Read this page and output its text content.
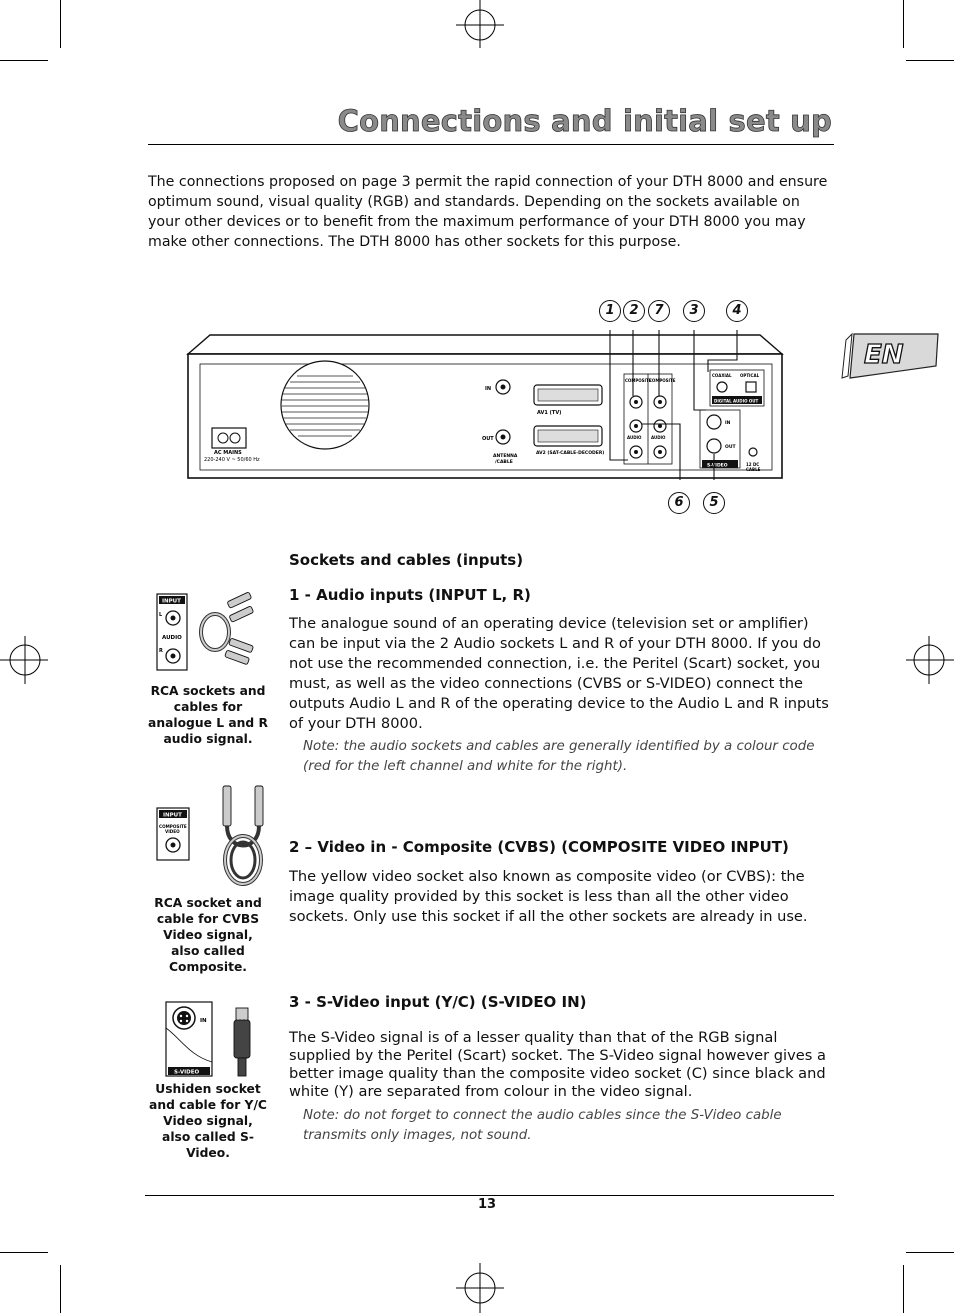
Connections and initial set up
The connections proposed on page 3 permit the rapid connection of your DTH 8000 and ensure optimum sound, visual quality (RGB) and standards. Depending on the sockets available on your other devices or to benefit from the maximum performance of your DTH 8000 you may make other connections. The DTH 8000 has other sockets for this purpose.
EN
AC MAINS
220-240 V ~ 50/60 Hz
IN
OUT
ANTENNA
/CABLE
AV1 (TV)
AV2 (SAT-CABLE-DECODER)
COMPOSITE
COMPOSITE
AUDIO AUDIO
IN
OUT
S-VIDEO
COAXIAL OPTICAL
DIGITAL AUDIO OUT
12 DC
CABLE
1	2	7	3	4
6	5
Sockets and cables (inputs)
INPUT
L
AUDIO
R
RCA sockets and cables for analogue L and R audio signal.
1 - Audio inputs (INPUT L, R)
The analogue sound of an operating device (television set or amplifier) can be input via the 2 Audio sockets L and R of your DTH 8000. If you do not use the recommended connection, i.e. the Peritel (Scart) socket, you must, as well as the video connections (CVBS or S-VIDEO) connect the outputs Audio L and R of the operating device to the Audio L and R inputs of your DTH 8000.
Note: the audio sockets and cables are generally identified by a colour code (red for the left channel and white for the right).
INPUT
COMPOSITE
VIDEO
RCA socket and cable for CVBS Video signal, also called Composite.
2 – Video in - Composite (CVBS) (COMPOSITE VIDEO INPUT)
The yellow video socket also known as composite video (or CVBS): the image quality provided by this socket is less than all the other video sockets. Only use this socket if all the other sockets are already in use.
IN
S-VIDEO
Ushiden socket and cable for Y/C Video signal, also called S-Video.
3 - S-Video input (Y/C) (S-VIDEO IN)
The S-Video signal is of a lesser quality than that of the RGB signal supplied by the Peritel (Scart) socket. The S-Video signal however gives a better image quality than the composite video socket (C) since black and white (Y) are separated from colour in the video signal.
Note: do not forget to connect the audio cables since the S-Video cable transmits only images, not sound.
13
